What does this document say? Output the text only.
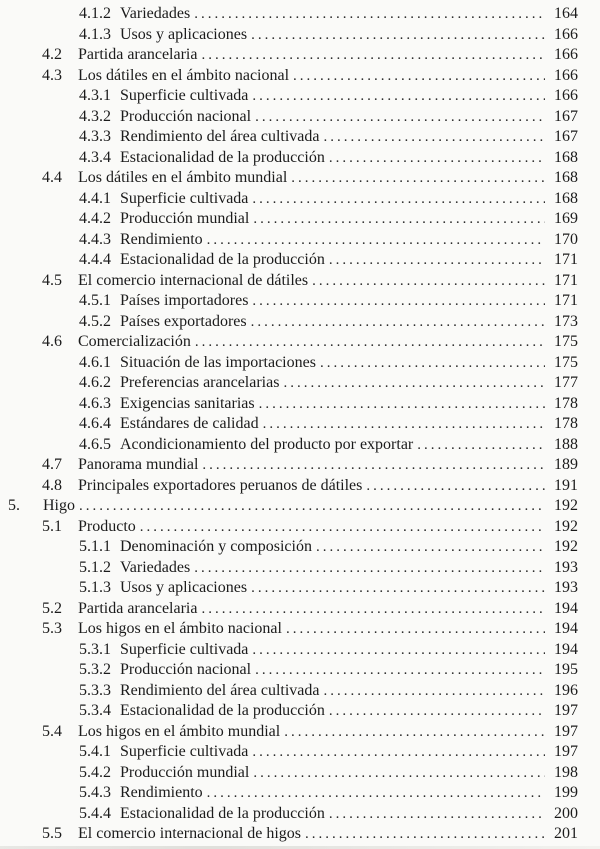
4.1.2 Variedades .....	164
4.1.3 Usos y aplicaciones .....	166
4.2	Partida arancelaria .....	166
4.3	Los dátiles en el ámbito nacional .....	166
4.3.1 Superficie cultivada .....	166
4.3.2 Producción nacional .....	167
4.3.3 Rendimiento del área cultivada .....	167
4.3.4 Estacionalidad de la producción .....	168
4.4	Los dátiles en el ámbito mundial .....	168
4.4.1 Superficie cultivada .....	168
4.4.2 Producción mundial .....	169
4.4.3 Rendimiento .....	170
4.4.4 Estacionalidad de la producción .....	171
4.5	El comercio internacional de dátiles .....	171
4.5.1 Países importadores .....	171
4.5.2 Países exportadores .....	173
4.6	Comercialización .....	175
4.6.1 Situación de las importaciones .....	175
4.6.2 Preferencias arancelarias .....	177
4.6.3 Exigencias sanitarias .....	178
4.6.4 Estándares de calidad .....	178
4.6.5 Acondicionamiento del producto por exportar .....	188
4.7	Panorama mundial .....	189
4.8	Principales exportadores peruanos de dátiles .....	191
5.	Higo .....	192
5.1	Producto .....	192
5.1.1 Denominación y composición .....	192
5.1.2 Variedades .....	193
5.1.3 Usos y aplicaciones .....	193
5.2	Partida arancelaria .....	194
5.3	Los higos en el ámbito nacional .....	194
5.3.1 Superficie cultivada .....	194
5.3.2 Producción nacional .....	195
5.3.3 Rendimiento del área cultivada .....	196
5.3.4 Estacionalidad de la producción .....	197
5.4	Los higos en el ámbito mundial .....	197
5.4.1 Superficie cultivada .....	197
5.4.2 Producción mundial .....	198
5.4.3 Rendimiento .....	199
5.4.4 Estacionalidad de la producción .....	200
5.5	El comercio internacional de higos .....	201
